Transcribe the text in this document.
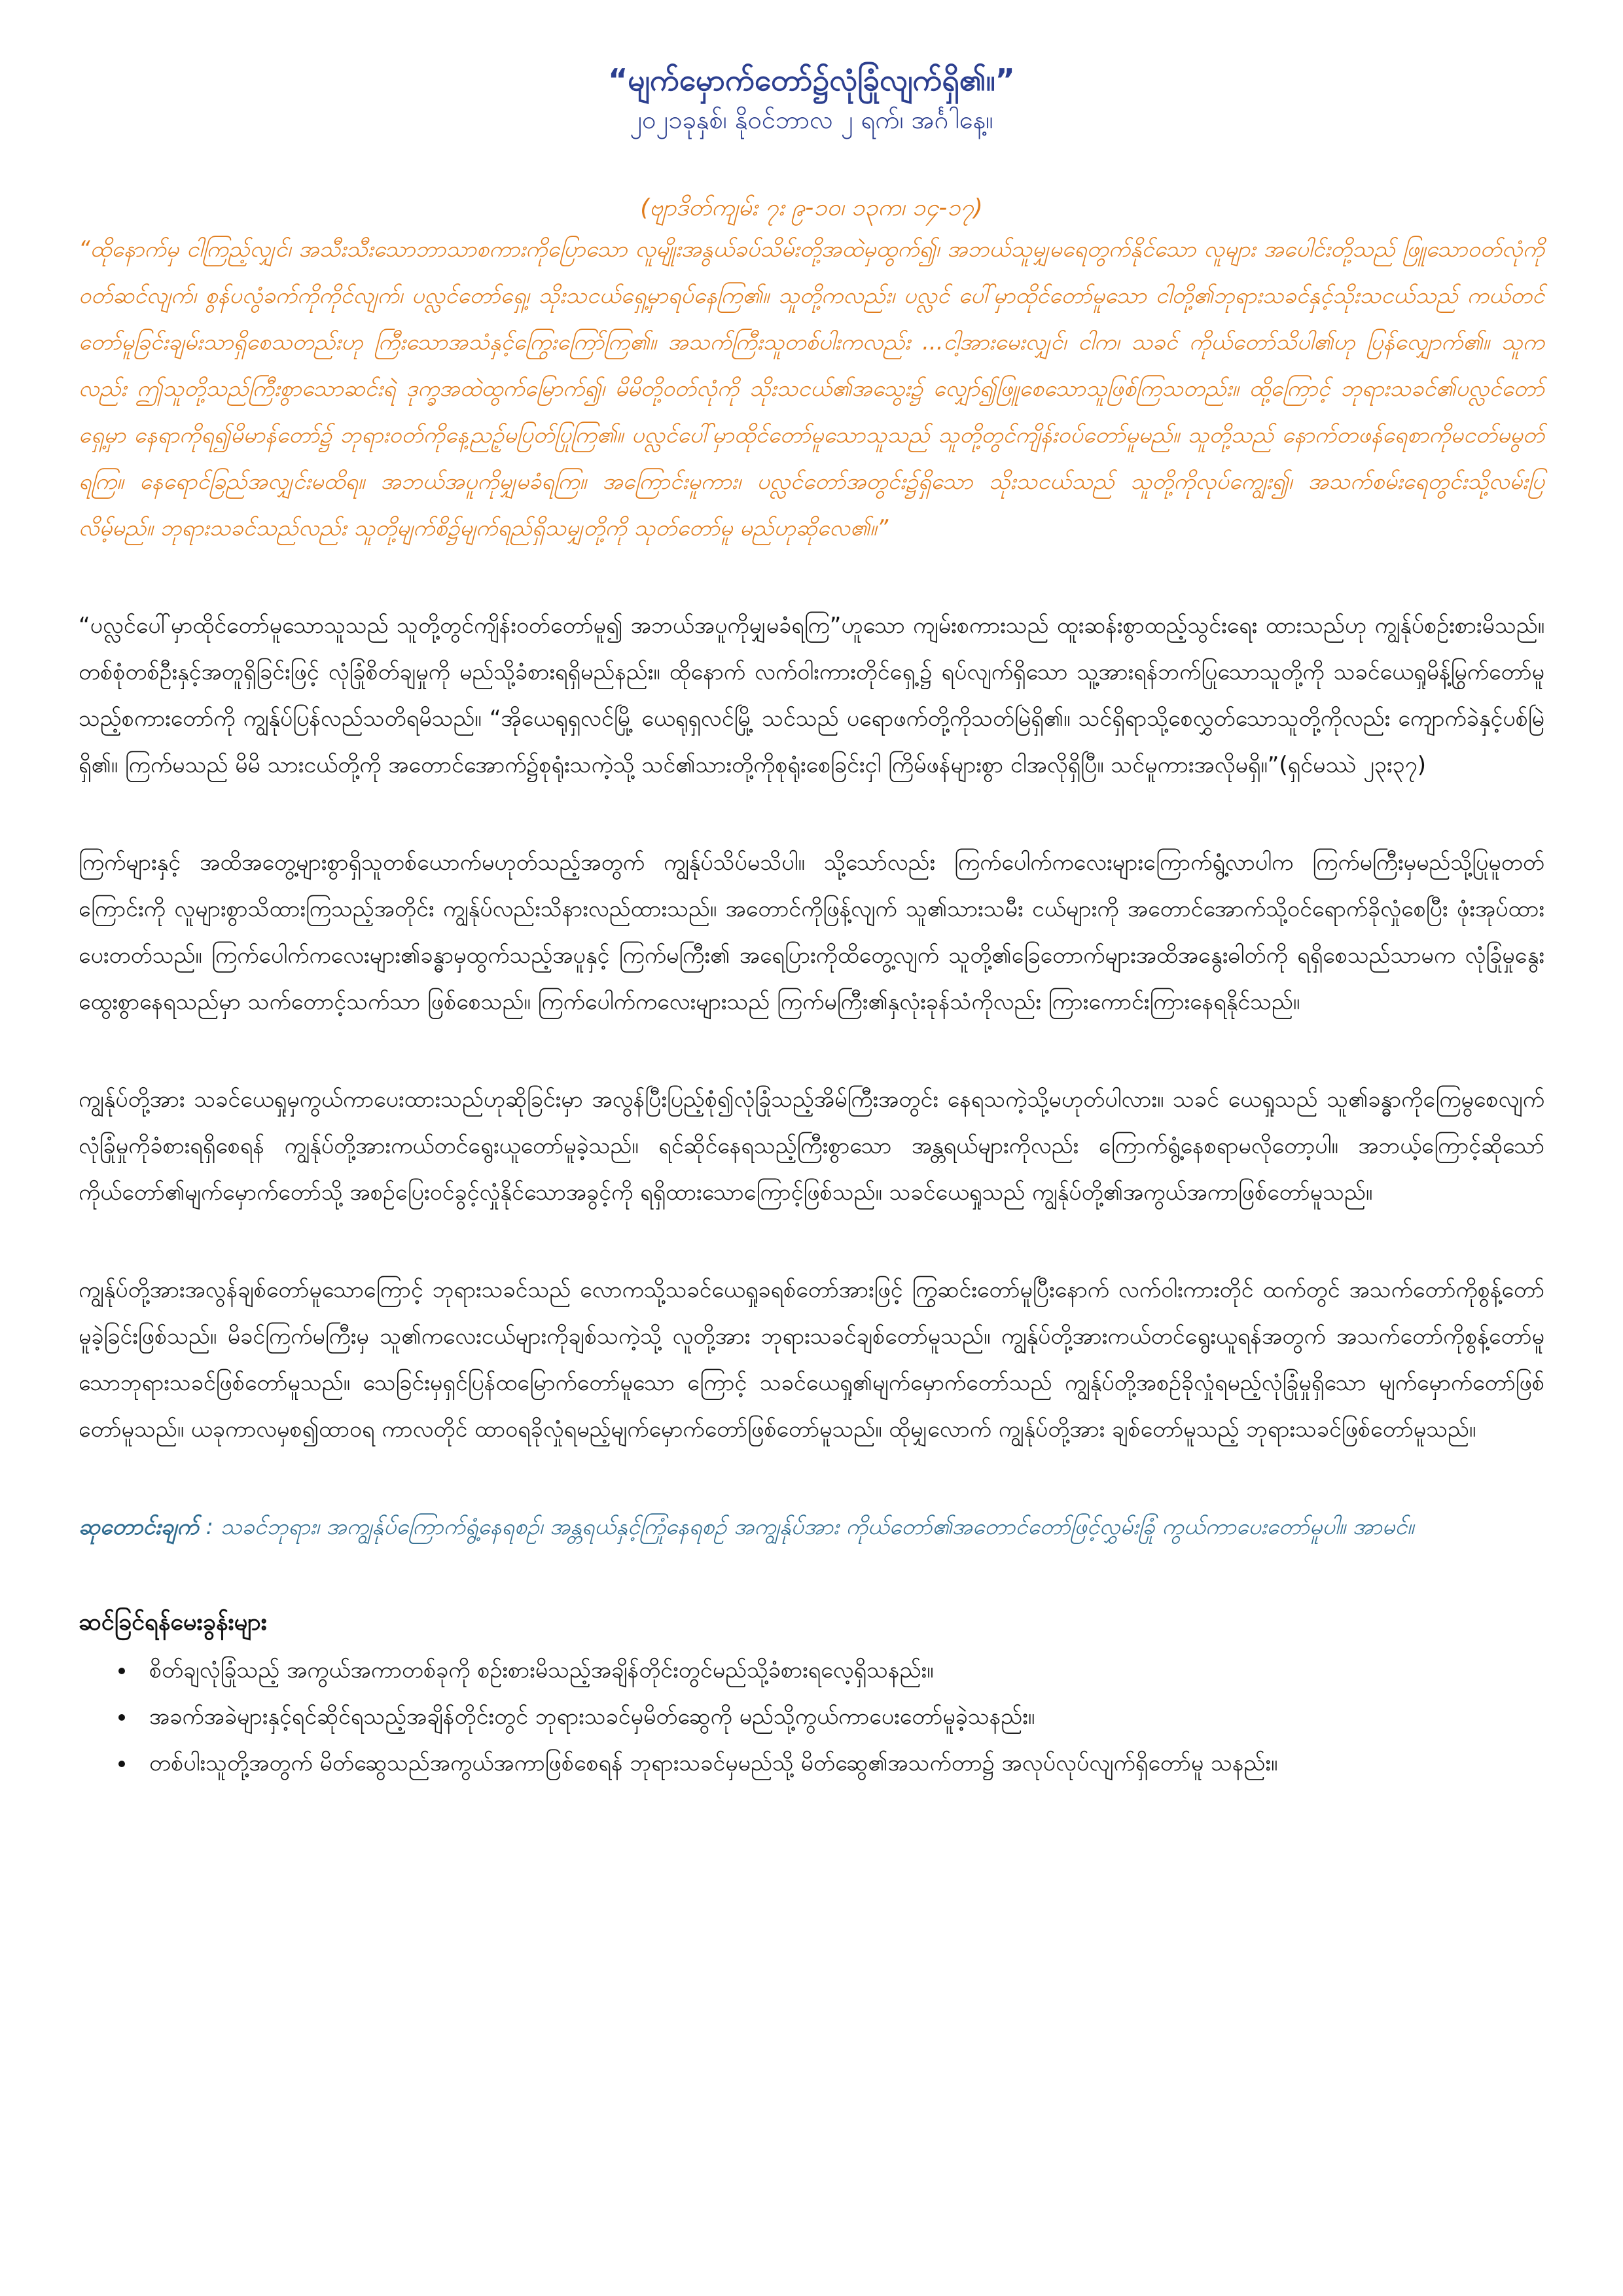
“မျက်မှောက်တော်၌လုံခြုံလျက်ရှိ၏။”

၂၀၂၁ခုနှစ်၊ နိုဝင်ဘာလ ၂ ရက်၊ အင်္ဂါနေ့။

(ဗျာဒိတ်ကျမ်း ၇း ၉-၁၀၊ ၁၃က၊ ၁၄-၁၇)

“ထိုနောက်မှ ငါကြည့်လျှင်၊ အသီးသီးသောဘာသာစကားကိုပြောသော လူမျိုးအနွယ်ခပ်သိမ်းတို့အထဲမှထွက်၍၊ အဘယ်သူမျှမရေတွက်နိုင်သော လူများ အပေါင်းတို့သည် ဖြူသောဝတ်လုံကိုဝတ်ဆင်လျက်၊ စွန်ပလွံခက်ကိုကိုင်လျက်၊ ပလ္လင်တော်ရှေ့၊ သိုးသငယ်ရှေ့မှာရပ်နေကြ၏။ သူတို့ကလည်း၊ ပလ္လင် ပေါ်မှာထိုင်တော်မူသော ငါတို့၏ဘုရားသခင်နှင့်သိုးသငယ်သည် ကယ်တင်တော်မူခြင်းချမ်းသာရှိစေသတည်းဟု ကြီးသောအသံနှင့်ကြွေးကြော်ကြ၏။ အသက်ကြီးသူတစ်ပါးကလည်း ...ငါ့အားမေးလျှင်၊ ငါက၊ သခင် ကိုယ်တော်သိပါ၏ဟု ပြန်လျှောက်၏။ သူကလည်း ဤသူတို့သည်ကြီးစွာသောဆင်းရဲ ဒုက္ခအထဲထွက်မြောက်၍၊ မိမိတို့ဝတ်လုံကို သိုးသငယ်၏အသွေး၌ လျှော်၍ဖြူစေသောသူဖြစ်ကြသတည်း။ ထို့ကြောင့် ဘုရားသခင်၏ပလ္လင်တော်ရှေ့မှာ နေရာကိုရ၍မိမာန်တော်၌ ဘုရားဝတ်ကိုနေ့ညဉ့်မပြတ်ပြုကြ၏။ ပလ္လင်ပေါ်မှာထိုင်တော်မူသောသူသည် သူတို့တွင်ကျိန်းဝပ်တော်မူမည်။ သူတို့သည် နောက်တဖန်ရေစာကိုမငတ်မမွတ်ရကြ။ နေရောင်ခြည်အလျှင်းမထိရ။ အဘယ်အပူကိုမျှမခံရကြ။ အကြောင်းမူကား၊ ပလ္လင်တော်အတွင်း၌ရှိသော သိုးသငယ်သည် သူတို့ကိုလုပ်ကျွေး၍၊ အသက်စမ်းရေတွင်းသို့လမ်းပြလိမ့်မည်။ ဘုရားသခင်သည်လည်း သူတို့မျက်စိ၌မျက်ရည်ရှိသမျှတို့ကို သုတ်တော်မူ မည်ဟုဆိုလေ၏။”

“ပလ္လင်ပေါ်မှာထိုင်တော်မူသောသူသည် သူတို့တွင်ကျိန်းဝတ်တော်မူ၍ အဘယ်အပူကိုမျှမခံရကြ”ဟူသော ကျမ်းစကားသည် ထူးဆန်းစွာထည့်သွင်းရေး ထားသည်ဟု ကျွန်ုပ်စဉ်းစားမိသည်။ တစ်စုံတစ်ဦးနှင့်အတူရှိခြင်းဖြင့် လုံခြုံစိတ်ချမှုကို မည်သို့ခံစားရရှိမည်နည်း။ ထိုနောက် လက်ဝါးကားတိုင်ရှေ့၌ ရပ်လျက်ရှိသော သူ့အားရန်ဘက်ပြုသောသူတို့ကို သခင်ယေရှုမိန့်မြွက်တော်မူသည့်စကားတော်ကို ကျွန်ုပ်ပြန်လည်သတိရမိသည်။ “အိုယေရုရှလင်မြို့ ယေရုရှလင်မြို့ သင်သည် ပရောဖက်တို့ကိုသတ်မြဲရှိ၏။ သင်ရှိရာသို့စေလွှတ်သောသူတို့ကိုလည်း ကျောက်ခဲနှင့်ပစ်မြဲရှိ၏။ ကြက်မသည် မိမိ သားငယ်တို့ကို အတောင်အောက်၌စုရုံးသကဲ့သို့ သင်၏သားတို့ကိုစုရုံးစေခြင်းငှါ ကြိမ်ဖန်များစွာ ငါအလိုရှိပြီ။ သင်မူကားအလိုမရှိ။”(ရှင်မဿဲ ၂၃း၃၇)

ကြက်များနှင့် အထိအတွေ့များစွာရှိသူတစ်ယောက်မဟုတ်သည့်အတွက် ကျွန်ုပ်သိပ်မသိပါ။ သို့သော်လည်း ကြက်ပေါက်ကလေးများကြောက်ရွံ့လာပါက ကြက်မကြီးမှမည်သို့ပြုမူတတ်ကြောင်းကို လူများစွာသိထားကြသည့်အတိုင်း ကျွန်ုပ်လည်းသိနားလည်ထားသည်။ အတောင်ကိုဖြန့်လျက် သူ၏သားသမီး ငယ်များကို အတောင်အောက်သို့ဝင်ရောက်ခိုလှုံစေပြီး ဖုံးအုပ်ထားပေးတတ်သည်။ ကြက်ပေါက်ကလေးများ၏ခန္ဓာမှထွက်သည့်အပူနှင့် ကြက်မကြီး၏ အရေပြားကိုထိတွေ့လျက် သူတို့၏ခြေတောက်များအထိအနွေးဓါတ်ကို ရရှိစေသည်သာမက လုံခြုံမှုနွေးထွေးစွာနေရသည်မှာ သက်တောင့်သက်သာ ဖြစ်စေသည်။ ကြက်ပေါက်ကလေးများသည် ကြက်မကြီး၏နှလုံးခုန်သံကိုလည်း ကြားကောင်းကြားနေရနိုင်သည်။

ကျွန်ုပ်တို့အား သခင်ယေရှုမှကွယ်ကာပေးထားသည်ဟုဆိုခြင်းမှာ အလွန်ပြီးပြည့်စုံ၍လုံခြုံသည့်အိမ်ကြီးအတွင်း နေရသကဲ့သို့မဟုတ်ပါလား။ သခင် ယေရှုသည် သူ၏ခန္ဓာကိုကြေမွစေလျက် လုံခြုံမှုကိုခံစားရရှိစေရန် ကျွန်ုပ်တို့အားကယ်တင်ရွေးယူတော်မူခဲ့သည်။ ရင်ဆိုင်နေရသည့်ကြီးစွာသော အန္တရယ်များကိုလည်း ကြောက်ရွံ့နေစရာမလိုတော့ပါ။ အဘယ့်ကြောင့်ဆိုသော် ကိုယ်တော်၏မျက်မှောက်တော်သို့ အစဉ်ပြေးဝင်ခွင့်လှုံနိုင်သောအခွင့်ကို ရရှိထားသောကြောင့်ဖြစ်သည်။ သခင်ယေရှုသည် ကျွန်ုပ်တို့၏အကွယ်အကာဖြစ်တော်မူသည်။

ကျွန်ုပ်တို့အားအလွန်ချစ်တော်မူသောကြောင့် ဘုရားသခင်သည် လောကသို့သခင်ယေရှုခရစ်တော်အားဖြင့် ကြွဆင်းတော်မူပြီးနောက် လက်ဝါးကားတိုင် ထက်တွင် အသက်တော်ကိုစွန့်တော်မူခဲ့ခြင်းဖြစ်သည်။ မိခင်ကြက်မကြီးမှ သူ၏ကလေးငယ်များကိုချစ်သကဲ့သို့ လူတို့အား ဘုရားသခင်ချစ်တော်မူသည်။ ကျွန်ုပ်တို့အားကယ်တင်ရွေးယူရန်အတွက် အသက်တော်ကိုစွန့်တော်မူသောဘုရားသခင်ဖြစ်တော်မူသည်။ သေခြင်းမှရှင်ပြန်ထမြောက်တော်မူသော ကြောင့် သခင်ယေရှု၏မျက်မှောက်တော်သည် ကျွန်ုပ်တို့အစဉ်ခိုလှုံရမည့်လုံခြုံမှုရှိသော မျက်မှောက်တော်ဖြစ်တော်မူသည်။ ယခုကာလမှစ၍ထာဝရ ကာလတိုင် ထာဝရခိုလှုံရမည့်မျက်မှောက်တော်ဖြစ်တော်မူသည်။ ထိုမျှလောက် ကျွန်ုပ်တို့အား ချစ်တော်မူသည့် ဘုရားသခင်ဖြစ်တော်မူသည်။

ဆုတောင်းချက် : သခင်ဘုရား၊ အကျွန်ုပ်ကြောက်ရွံ့နေရစဉ်၊ အန္တရယ်နှင့်ကြုံနေရစဉ် အကျွန်ုပ်အား ကိုယ်တော်၏အတောင်တော်ဖြင့်လွှမ်းခြုံ ကွယ်ကာပေးတော်မူပါ။ အာမင်။

ဆင်ခြင်ရန်မေးခွန်းများ

• စိတ်ချလုံခြုံသည့် အကွယ်အကာတစ်ခုကို စဉ်းစားမိသည့်အချိန်တိုင်းတွင်မည်သို့ခံစားရလေ့ရှိသနည်း။
• အခက်အခဲများနှင့်ရင်ဆိုင်ရသည့်အချိန်တိုင်းတွင် ဘုရားသခင်မှမိတ်ဆွေကို မည်သို့ကွယ်ကာပေးတော်မူခဲ့သနည်း။
• တစ်ပါးသူတို့အတွက် မိတ်ဆွေသည်အကွယ်အကာဖြစ်စေရန် ဘုရားသခင်မှမည်သို့ မိတ်ဆွေ၏အသက်တာ၌ အလုပ်လုပ်လျက်ရှိတော်မူ သနည်း။
